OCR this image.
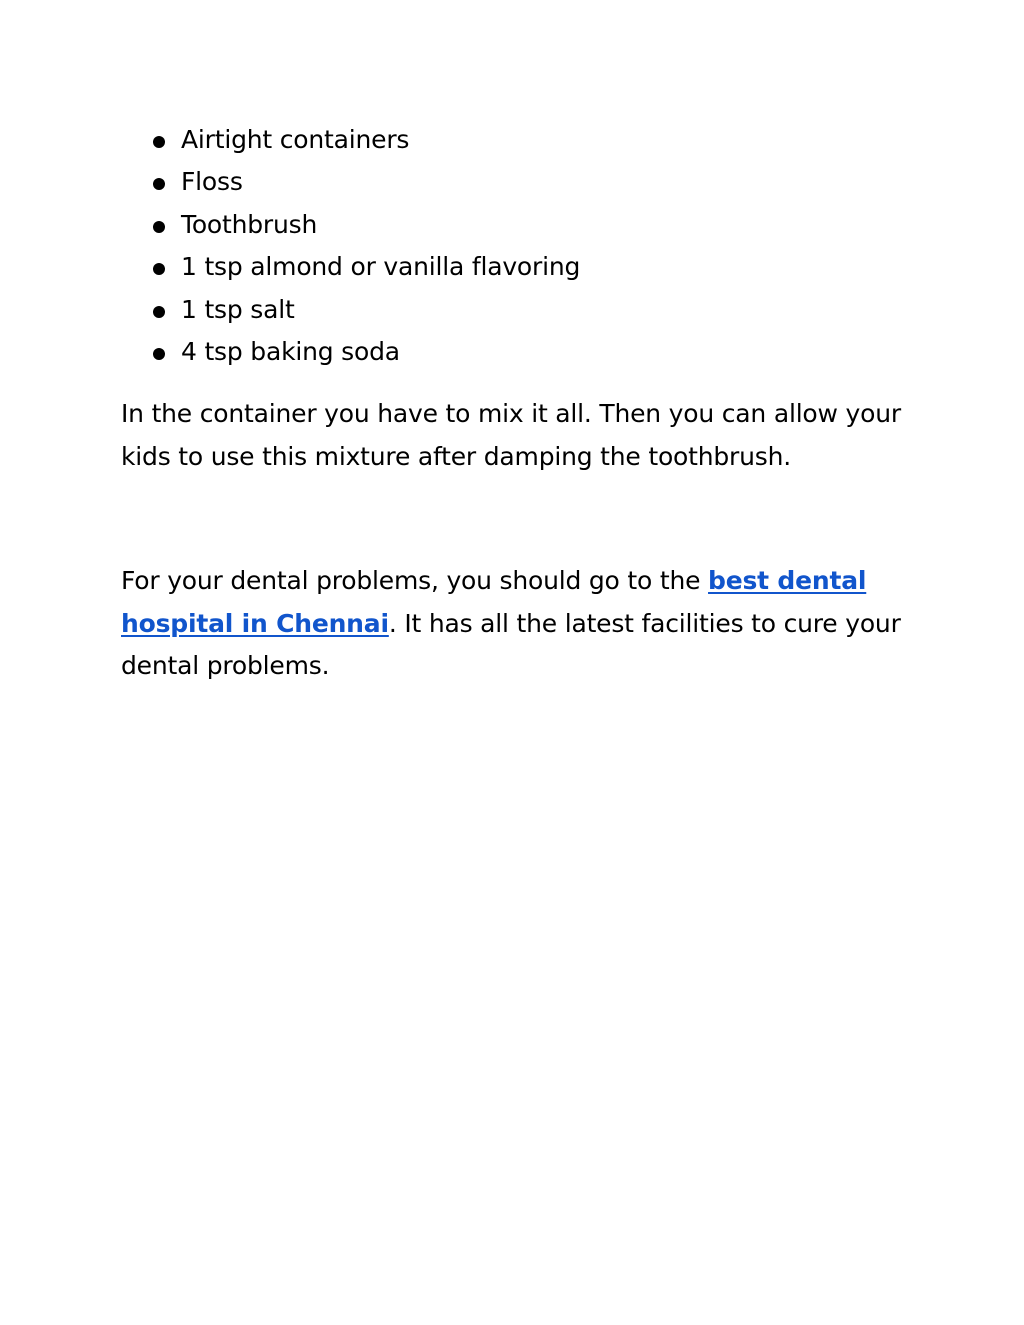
Airtight containers
Floss
Toothbrush
1 tsp almond or vanilla flavoring
1 tsp salt
4 tsp baking soda

In the container you have to mix it all. Then you can allow your kids to use this mixture after damping the toothbrush.

For your dental problems, you should go to the best dental hospital in Chennai. It has all the latest facilities to cure your dental problems.
